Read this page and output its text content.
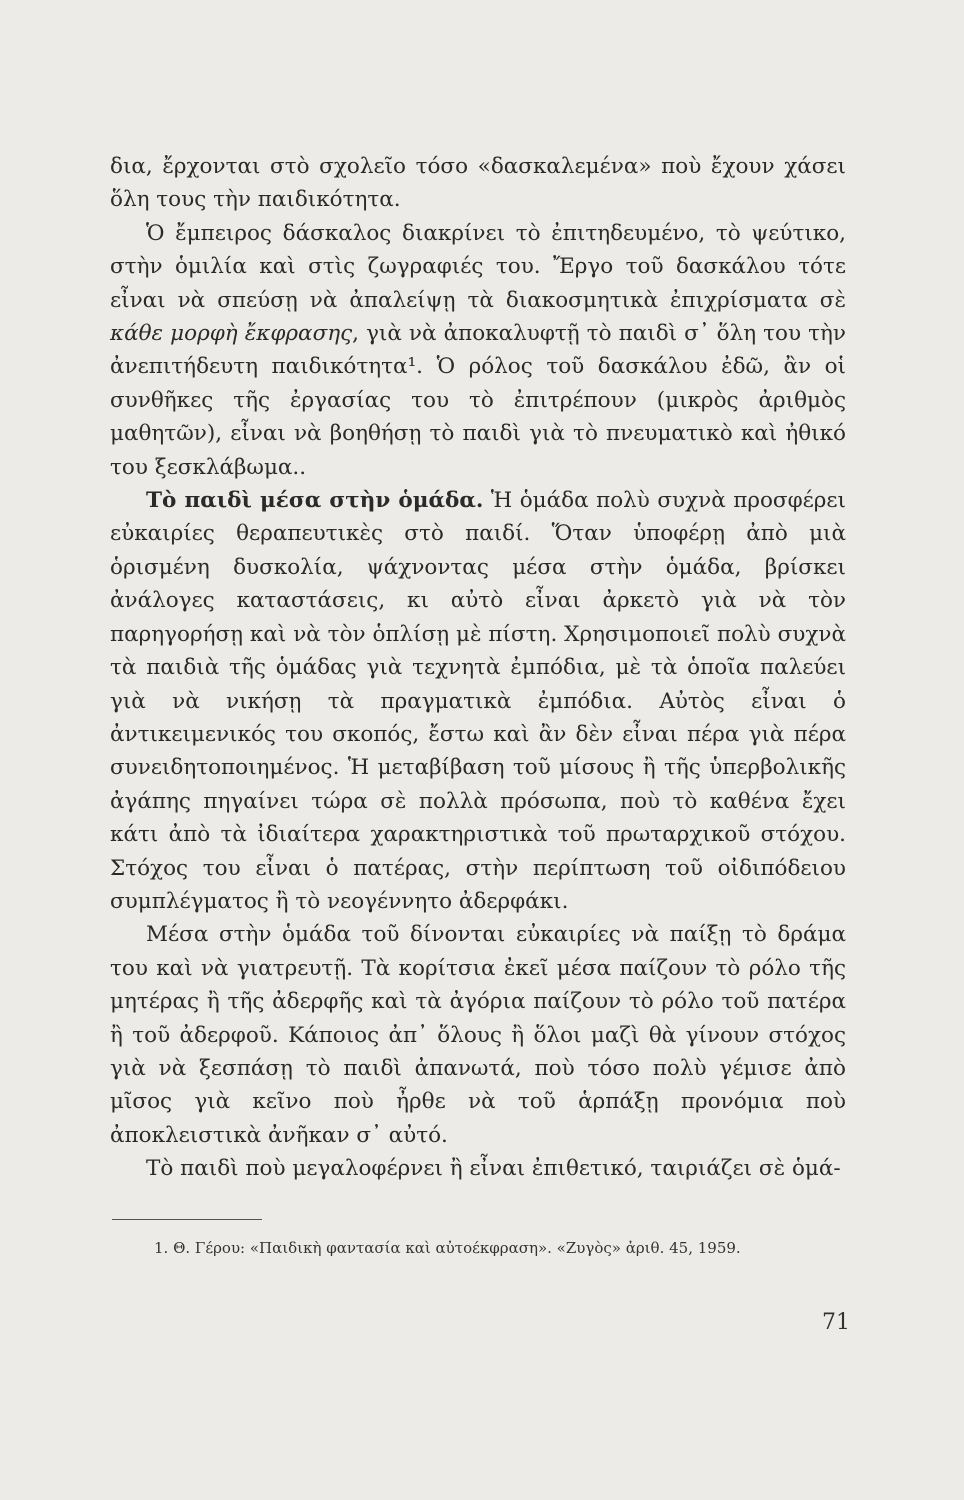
δια, ἔρχονται στὸ σχολεῖο τόσο «δασκαλεμένα» ποὺ ἔχουν χάσει ὅλη τους τὴν παιδικότητα.

Ὁ ἔμπειρος δάσκαλος διακρίνει τὸ ἐπιτηδευμένο, τὸ ψεύτικο, στὴν ὁμιλία καὶ στὶς ζωγραφιές του. Ἔργο τοῦ δασκάλου τότε εἶναι νὰ σπεύσῃ νὰ ἀπαλείψῃ τὰ διακοσμητικὰ ἐπιχρίσματα σὲ κάθε μορφὴ ἔκφρασης, γιὰ νὰ ἀποκαλυφτῇ τὸ παιδὶ σ᾽ ὅλη του τὴν ἀνεπιτήδευτη παιδικότητα¹. Ὁ ρόλος τοῦ δασκάλου ἐδῶ, ἂν οἱ συνθῆκες τῆς ἐργασίας του τὸ ἐπιτρέπουν (μικρὸς ἀριθμὸς μαθητῶν), εἶναι νὰ βοηθήσῃ τὸ παιδὶ γιὰ τὸ πνευματικὸ καὶ ἠθικό του ξεσκλάβωμα..

Τὸ παιδὶ μέσα στὴν ὁμάδα. Ἡ ὁμάδα πολὺ συχνὰ προσφέρει εὐκαιρίες θεραπευτικὲς στὸ παιδί. Ὅταν ὑποφέρῃ ἀπὸ μιὰ ὁρισμένη δυσκολία, ψάχνοντας μέσα στὴν ὁμάδα, βρίσκει ἀνάλογες καταστάσεις, κι αὐτὸ εἶναι ἀρκετὸ γιὰ νὰ τὸν παρηγορήσῃ καὶ νὰ τὸν ὁπλίσῃ μὲ πίστη. Χρησιμοποιεῖ πολὺ συχνὰ τὰ παιδιὰ τῆς ὁμάδας γιὰ τεχνητὰ ἐμπόδια, μὲ τὰ ὁποῖα παλεύει γιὰ νὰ νικήσῃ τὰ πραγματικὰ ἐμπόδια. Αὐτὸς εἶναι ὁ ἀντικειμενικός του σκοπός, ἔστω καὶ ἂν δὲν εἶναι πέρα γιὰ πέρα συνειδητοποιημένος. Ἡ μεταβίβαση τοῦ μίσους ἢ τῆς ὑπερβολικῆς ἀγάπης πηγαίνει τώρα σὲ πολλὰ πρόσωπα, ποὺ τὸ καθένα ἔχει κάτι ἀπὸ τὰ ἰδιαίτερα χαρακτηριστικὰ τοῦ πρωταρχικοῦ στόχου. Στόχος του εἶναι ὁ πατέρας, στὴν περίπτωση τοῦ οἰδιπόδειου συμπλέγματος ἢ τὸ νεογέννητο ἀδερφάκι.

Μέσα στὴν ὁμάδα τοῦ δίνονται εὐκαιρίες νὰ παίξῃ τὸ δράμα του καὶ νὰ γιατρευτῇ. Τὰ κορίτσια ἐκεῖ μέσα παίζουν τὸ ρόλο τῆς μητέρας ἢ τῆς ἀδερφῆς καὶ τὰ ἀγόρια παίζουν τὸ ρόλο τοῦ πατέρα ἢ τοῦ ἀδερφοῦ. Κάποιος ἀπ᾽ ὅλους ἢ ὅλοι μαζὶ θὰ γίνουν στόχος γιὰ νὰ ξεσπάσῃ τὸ παιδὶ ἀπανωτά, ποὺ τόσο πολὺ γέμισε ἀπὸ μῖσος γιὰ κεῖνο ποὺ ἦρθε νὰ τοῦ ἁρπάξῃ προνόμια ποὺ ἀποκλειστικὰ ἀνῆκαν σ᾽ αὐτό.

Τὸ παιδὶ ποὺ μεγαλοφέρνει ἢ εἶναι ἐπιθετικό, ταιριάζει σὲ ὁμά-

1. Θ. Γέρου: «Παιδικὴ φαντασία καὶ αὐτοέκφραση». «Ζυγὸς» ἀριθ. 45, 1959.

71
